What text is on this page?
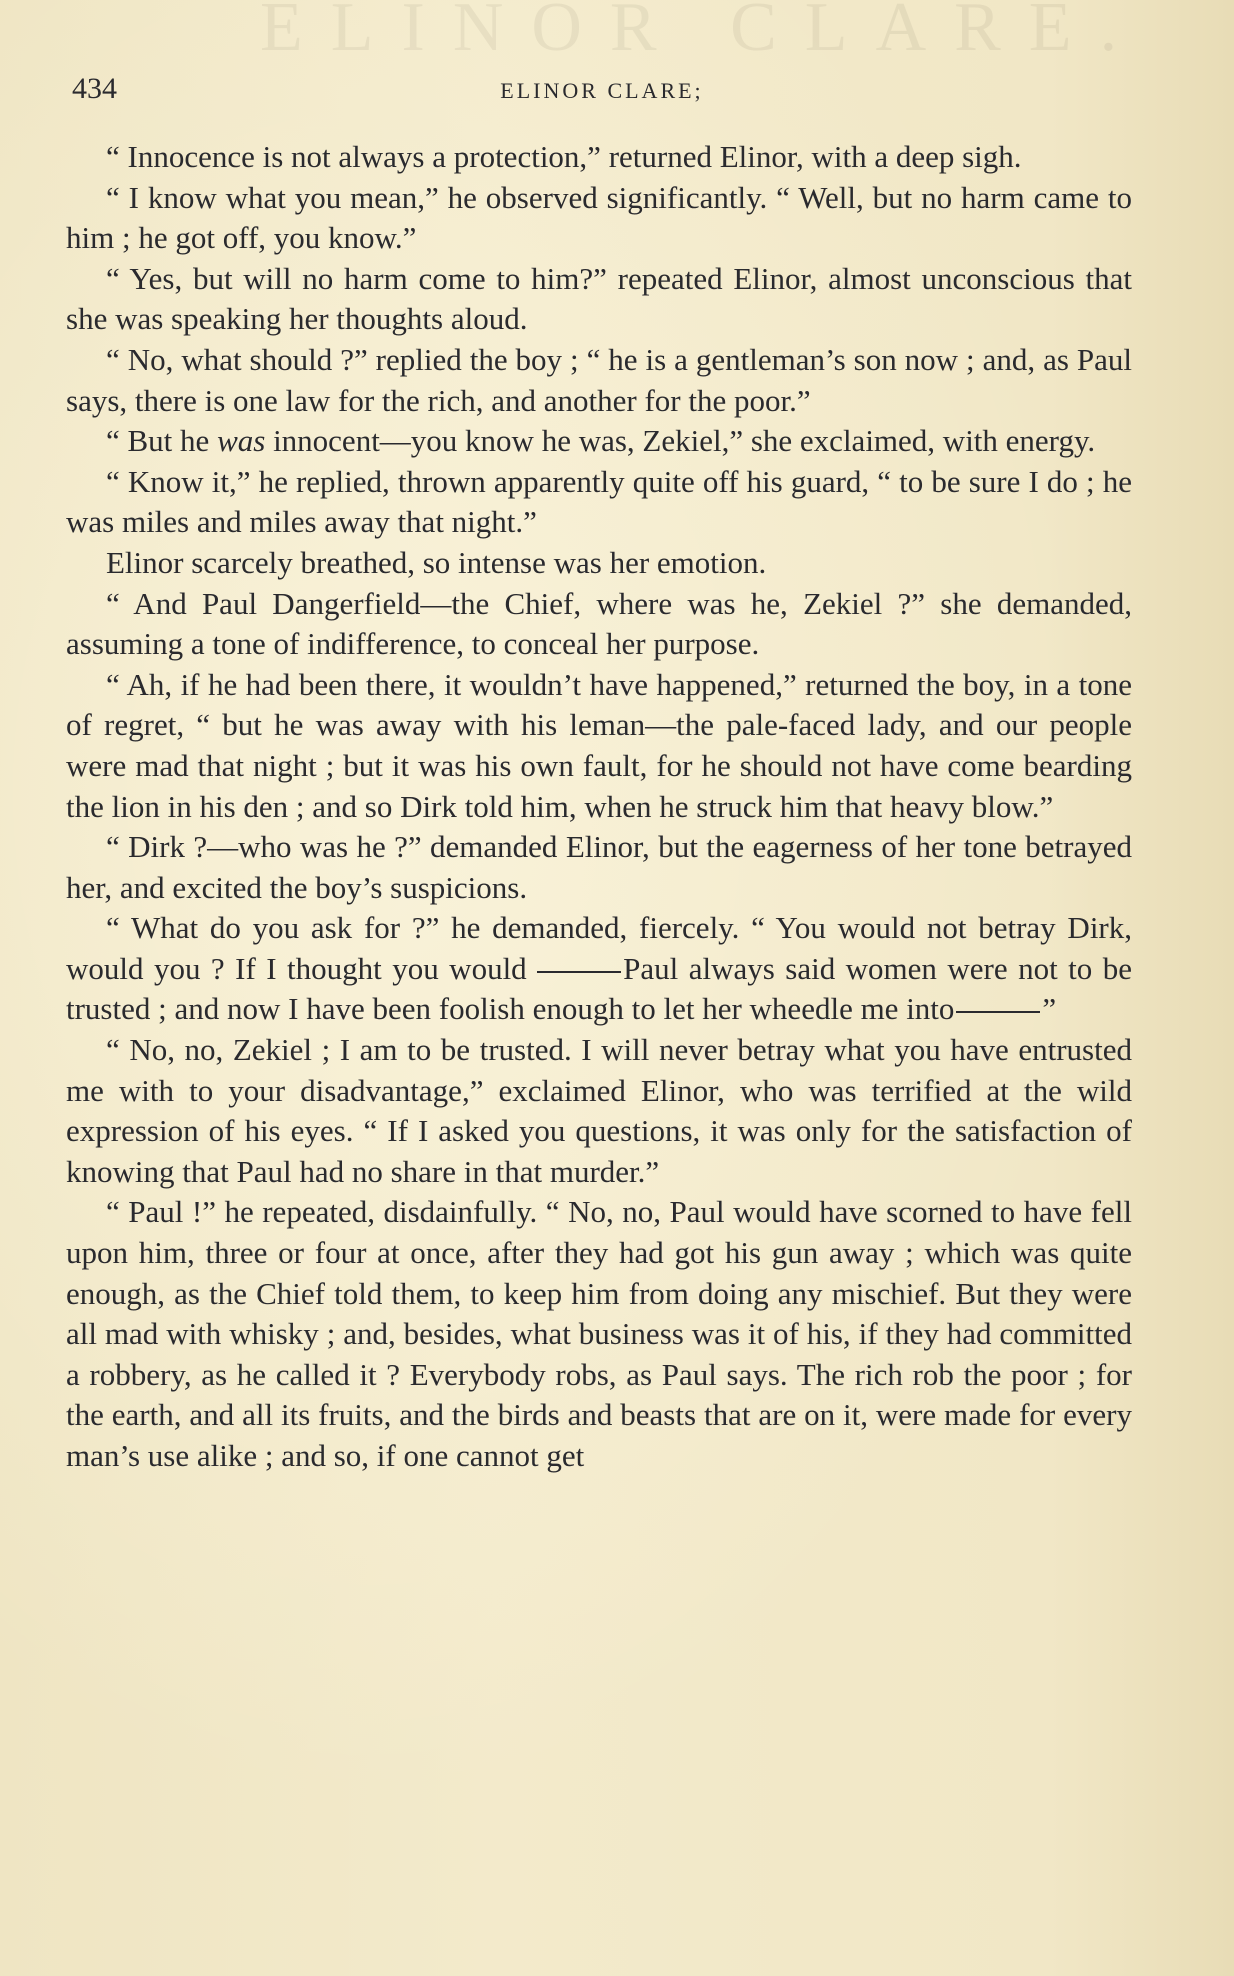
ELINOR CLARE.
434	ELINOR CLARE;

“ Innocence is not always a protection,” returned Elinor, with a deep sigh.

“ I know what you mean,” he observed significantly. “ Well, but no harm came to him ; he got off, you know.”

“ Yes, but will no harm come to him?” repeated Elinor, almost unconscious that she was speaking her thoughts aloud.

“ No, what should ?” replied the boy ; “ he is a gentleman’s son now ; and, as Paul says, there is one law for the rich, and another for the poor.”

“ But he was innocent—you know he was, Zekiel,” she exclaimed, with energy.

“ Know it,” he replied, thrown apparently quite off his guard, “ to be sure I do ; he was miles and miles away that night.”

Elinor scarcely breathed, so intense was her emotion.

“ And Paul Dangerfield—the Chief, where was he, Zekiel ?” she demanded, assuming a tone of indifference, to conceal her purpose.

“ Ah, if he had been there, it wouldn’t have happened,” returned the boy, in a tone of regret, “ but he was away with his leman—the pale-faced lady, and our people were mad that night ; but it was his own fault, for he should not have come bearding the lion in his den ; and so Dirk told him, when he struck him that heavy blow.”

“ Dirk ?—who was he ?” demanded Elinor, but the eagerness of her tone betrayed her, and excited the boy’s suspicions.

“ What do you ask for ?” he demanded, fiercely. “ You would not betray Dirk, would you ? If I thought you would	Paul always said women were not to be trusted ; and now I have been foolish enough to let her wheedle me into	”

“ No, no, Zekiel ; I am to be trusted. I will never betray what you have entrusted me with to your disadvantage,” exclaimed Elinor, who was terrified at the wild expression of his eyes. “ If I asked you questions, it was only for the satisfaction of knowing that Paul had no share in that murder.”

“ Paul !” he repeated, disdainfully. “ No, no, Paul would have scorned to have fell upon him, three or four at once, after they had got his gun away ; which was quite enough, as the Chief told them, to keep him from doing any mischief. But they were all mad with whisky ; and, besides, what business was it of his, if they had committed a robbery, as he called it ? Everybody robs, as Paul says. The rich rob the poor ; for the earth, and all its fruits, and the birds and beasts that are on it, were made for every man’s use alike ; and so, if one cannot get
